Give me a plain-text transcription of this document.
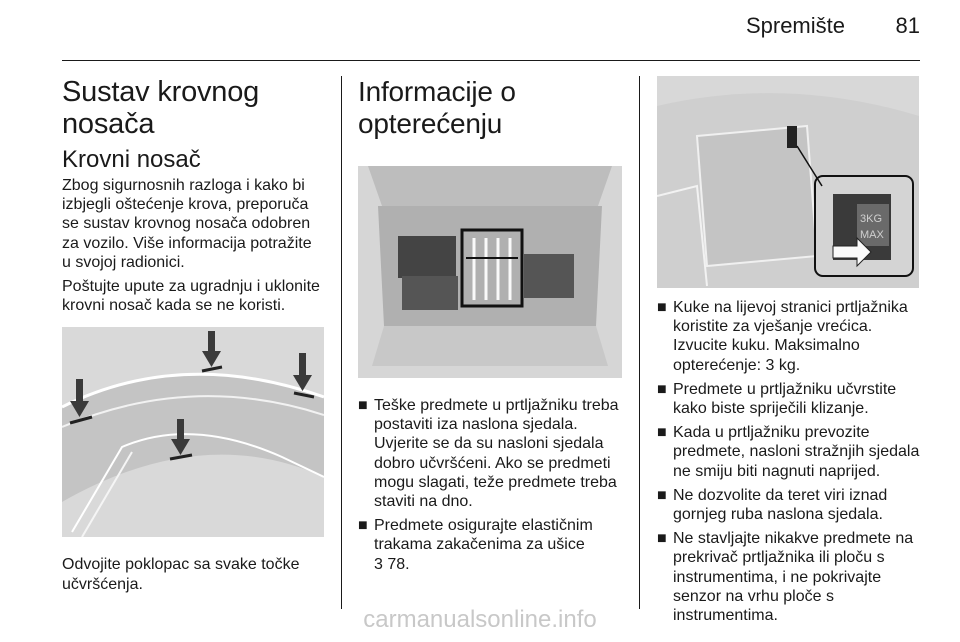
Spremište 81
Sustav krovnog nosača
Krovni nosač

Zbog sigurnosnih razloga i kako bi izbjegli oštećenje krova, preporuča se sustav krovnog nosača odobren za vozilo. Više informacija potražite u svojoj radionici.

Poštujte upute za ugradnju i uklonite krovni nosač kada se ne koristi.

Odvojite poklopac sa svake točke učvršćenja.

Informacije o opterećenju
■ Teške predmete u prtljažniku treba postaviti iza naslona sjedala. Uvjerite se da su nasloni sjedala dobro učvršćeni. Ako se predmeti mogu slagati, teže predmete treba staviti na dno.
■ Predmete osigurajte elastičnim trakama zakačenima za ušice
3 78.
3KG
MAX
■ Kuke na lijevoj stranici prtljažnika koristite za vješanje vrećica. Izvucite kuku. Maksimalno opterećenje: 3 kg.
■ Predmete u prtljažniku učvrstite kako biste spriječili klizanje.
■ Kada u prtljažniku prevozite predmete, nasloni stražnjih sjedala ne smiju biti nagnuti naprijed.
■ Ne dozvolite da teret viri iznad gornjeg ruba naslona sjedala.
■ Ne stavljajte nikakve predmete na prekrivač prtljažnika ili ploču s instrumentima, i ne pokrivajte senzor na vrhu ploče s instrumentima.
carmanualsonline.info
